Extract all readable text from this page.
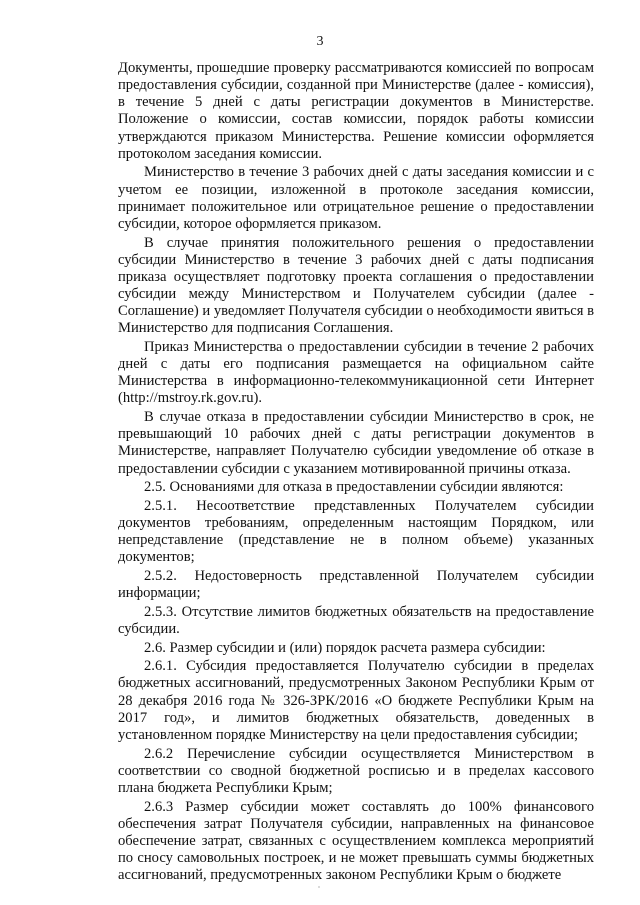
3

Документы, прошедшие проверку рассматриваются комиссией по вопросам предоставления субсидии, созданной при Министерстве (далее - комиссия), в течение 5 дней с даты регистрации документов в Министерстве. Положение о комиссии, состав комиссии, порядок работы комиссии утверждаются приказом Министерства. Решение комиссии оформляется протоколом заседания комиссии.

Министерство в течение 3 рабочих дней с даты заседания комиссии и с учетом ее позиции, изложенной в протоколе заседания комиссии, принимает положительное или отрицательное решение о предоставлении субсидии, которое оформляется приказом.

В случае принятия положительного решения о предоставлении субсидии Министерство в течение 3 рабочих дней с даты подписания приказа осуществляет подготовку проекта соглашения о предоставлении субсидии между Министерством и Получателем субсидии (далее - Соглашение) и уведомляет Получателя субсидии о необходимости явиться в Министерство для подписания Соглашения.

Приказ Министерства о предоставлении субсидии в течение 2 рабочих дней с даты его подписания размещается на официальном сайте Министерства в информационно-телекоммуникационной сети Интернет (http://mstroy.rk.gov.ru).

В случае отказа в предоставлении субсидии Министерство в срок, не превышающий 10 рабочих дней с даты регистрации документов в Министерстве, направляет Получателю субсидии уведомление об отказе в предоставлении субсидии с указанием мотивированной причины отказа.

2.5. Основаниями для отказа в предоставлении субсидии являются:

2.5.1. Несоответствие представленных Получателем субсидии документов требованиям, определенным настоящим Порядком, или непредставление (представление не в полном объеме) указанных документов;

2.5.2. Недостоверность представленной Получателем субсидии информации;

2.5.3. Отсутствие лимитов бюджетных обязательств на предоставление субсидии.

2.6. Размер субсидии и (или) порядок расчета размера субсидии:

2.6.1. Субсидия предоставляется Получателю субсидии в пределах бюджетных ассигнований, предусмотренных Законом Республики Крым от 28 декабря 2016 года № 326-ЗРК/2016 «О бюджете Республики Крым на 2017 год», и лимитов бюджетных обязательств, доведенных в установленном порядке Министерству на цели предоставления субсидии;

2.6.2 Перечисление субсидии осуществляется Министерством в соответствии со сводной бюджетной росписью и в пределах кассового плана бюджета Республики Крым;

2.6.3 Размер субсидии может составлять до 100% финансового обеспечения затрат Получателя субсидии, направленных на финансовое обеспечение затрат, связанных с осуществлением комплекса мероприятий по сносу самовольных построек, и не может превышать суммы бюджетных ассигнований, предусмотренных законом Республики Крым о бюджете
